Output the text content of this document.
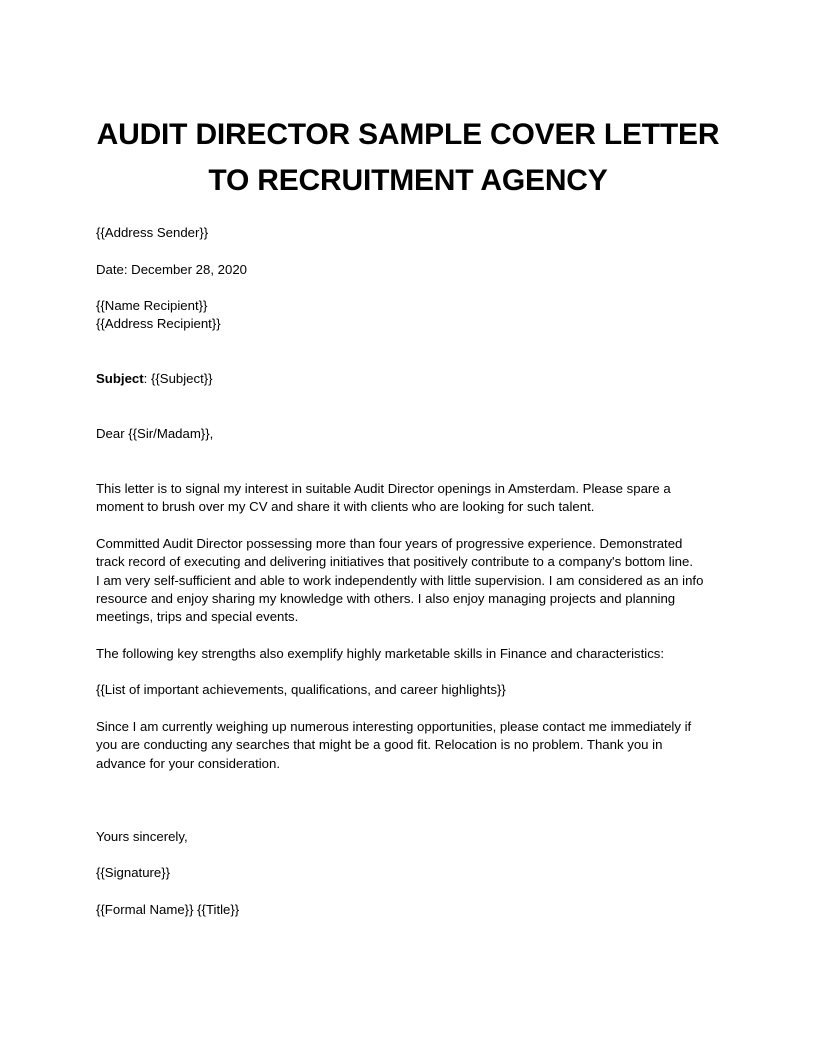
AUDIT DIRECTOR SAMPLE COVER LETTER
TO RECRUITMENT AGENCY

{{Address Sender}}

Date: December 28, 2020

{{Name Recipient}}

{{Address Recipient}}

Subject: {{Subject}}

Dear {{Sir/Madam}},

This letter is to signal my interest in suitable Audit Director openings in Amsterdam. Please spare a
moment to brush over my CV and share it with clients who are looking for such talent.

Committed Audit Director possessing more than four years of progressive experience. Demonstrated
track record of executing and delivering initiatives that positively contribute to a company's bottom line.
I am very self-sufficient and able to work independently with little supervision. I am considered as an info
resource and enjoy sharing my knowledge with others. I also enjoy managing projects and planning
meetings, trips and special events.

The following key strengths also exemplify highly marketable skills in Finance and characteristics:

{{List of important achievements, qualifications, and career highlights}}

Since I am currently weighing up numerous interesting opportunities, please contact me immediately if
you are conducting any searches that might be a good fit. Relocation is no problem. Thank you in
advance for your consideration.

Yours sincerely,

{{Signature}}

{{Formal Name}} {{Title}}
